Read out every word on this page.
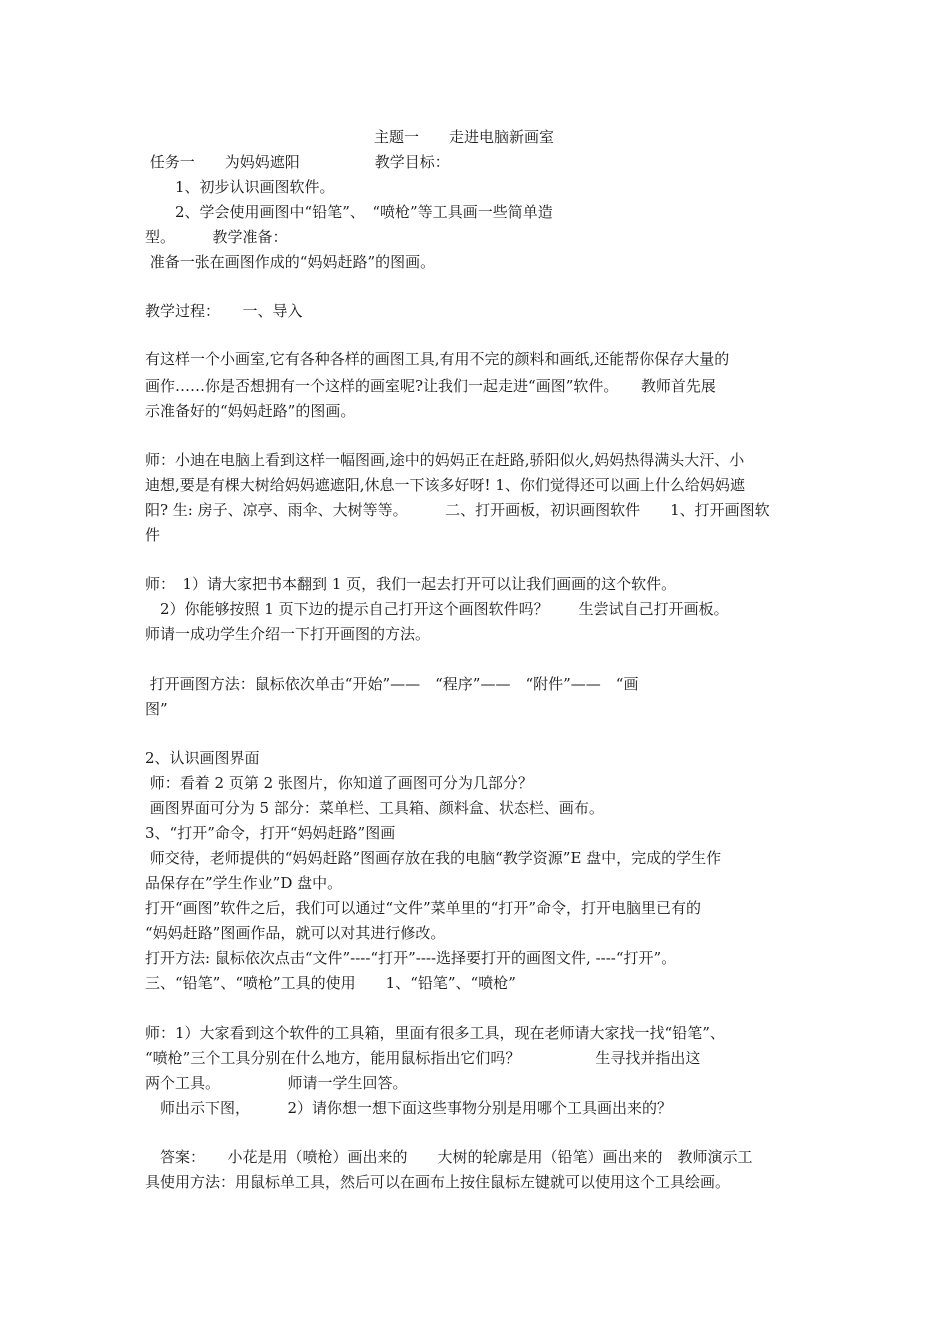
主题一　　走进电脑新画室

任务一　　为妈妈遮阳　　　　　教学目标：

　　1、初步认识画图软件。

　　2、学会使用画图中“铅笔”、　“喷枪”等工具画一些简单造

型。　　　教学准备：

准备一张在画图作成的“妈妈赶路”的图画。

教学过程：　　一、导入

有这样一个小画室,它有各种各样的画图工具,有用不完的颜料和画纸,还能帮你保存大量的

画作……你是否想拥有一个这样的画室呢?让我们一起走进“画图”软件。　　教师首先展

示准备好的“妈妈赶路”的图画。

师：小迪在电脑上看到这样一幅图画,途中的妈妈正在赶路,骄阳似火,妈妈热得满头大汗、小

迪想,要是有棵大树给妈妈遮遮阳,休息一下该多好呀! 1、你们觉得还可以画上什么给妈妈遮

阳? 生: 房子、凉亭、雨伞、大树等等。　　　二、打开画板，初识画图软件　　1、打开画图软

件

师：　1）请大家把书本翻到 1 页，我们一起去打开可以让我们画画的这个软件。

　2）你能够按照 1 页下边的提示自己打开这个画图软件吗？　　生尝试自己打开画板。

师请一成功学生介绍一下打开画图的方法。

打开画图方法：鼠标依次单击“开始”——　“程序”——　“附件”——　“画

图”

2、认识画图界面

师：看着 2 页第 2 张图片，你知道了画图可分为几部分？

画图界面可分为 5 部分：菜单栏、工具箱、颜料盒、状态栏、画布。

3、“打开”命令，打开“妈妈赶路”图画

师交待，老师提供的“妈妈赶路”图画存放在我的电脑“教学资源”E 盘中，完成的学生作

品保存在”学生作业”D 盘中。

打开“画图”软件之后，我们可以通过“文件”菜单里的“打开”命令，打开电脑里已有的

“妈妈赶路”图画作品，就可以对其进行修改。

打开方法: 鼠标依次点击“文件”----“打开”----选择要打开的画图文件, ----“打开”。

三、“铅笔”、“喷枪”工具的使用　　1、“铅笔”、“喷枪”

师：1）大家看到这个软件的工具箱，里面有很多工具，现在老师请大家找一找“铅笔”、

“喷枪”三个工具分别在什么地方，能用鼠标指出它们吗？　　　　　生寻找并指出这

两个工具。　　　　　师请一学生回答。

　师出示下图，　　　2）请你想一想下面这些事物分别是用哪个工具画出来的？

　答案：　　小花是用（喷枪）画出来的　　大树的轮廓是用（铅笔）画出来的　教师演示工

具使用方法：用鼠标单工具，然后可以在画布上按住鼠标左键就可以使用这个工具绘画。
